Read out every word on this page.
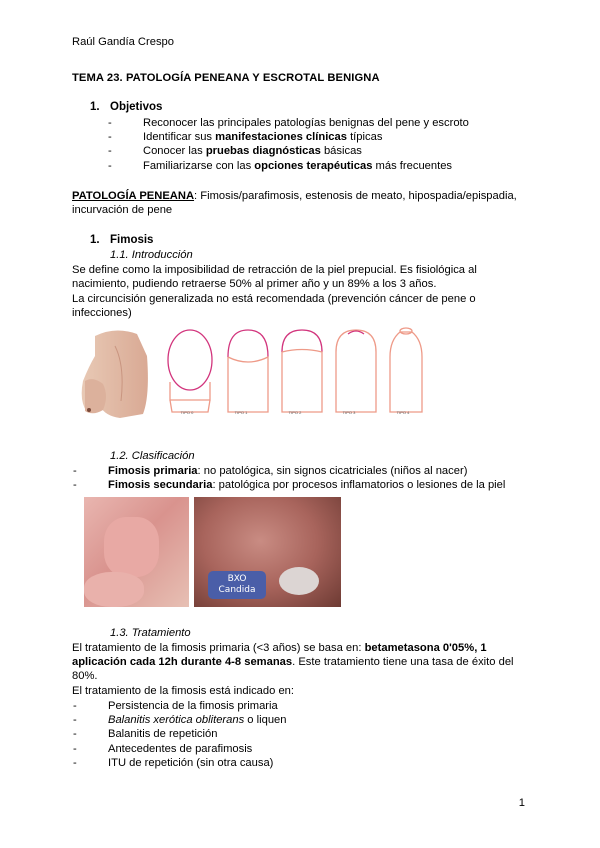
Raúl Gandía Crespo
TEMA 23. PATOLOGÍA PENEANA Y ESCROTAL BENIGNA
1. Objetivos
-	Reconocer las principales patologías benignas del pene y escroto
-	Identificar sus manifestaciones clínicas típicas
-	Conocer las pruebas diagnósticas básicas
-	Familiarizarse con las opciones terapéuticas más frecuentes

PATOLOGÍA PENEANA: Fimosis/parafimosis, estenosis de meato, hipospadia/epispadia, incurvación de pene

1. Fimosis
1.1. Introducción

Se define como la imposibilidad de retracción de la piel prepucial. Es fisiológica al nacimiento, pudiendo retraerse 50% al primer año y un 89% a los 3 años.

La circuncisión generalizada no está recomendada (prevención cáncer de pene o infecciones)

TIPO 0	TIPO 1	TIPO 2	TIPO 3	TIPO 4
1.2. Clasificación
-	Fimosis primaria: no patológica, sin signos cicatriciales (niños al nacer)
-	Fimosis secundaria: patológica por procesos inflamatorios o lesiones de la piel
BXO
Candida
1.3. Tratamiento

El tratamiento de la fimosis primaria (<3 años) se basa en: betametasona 0'05%, 1 aplicación cada 12h durante 4-8 semanas. Este tratamiento tiene una tasa de éxito del 80%.

El tratamiento de la fimosis está indicado en:

-	Persistencia de la fimosis primaria
-	Balanitis xerótica obliterans o liquen
-	Balanitis de repetición
-	Antecedentes de parafimosis
-	ITU de repetición (sin otra causa)
1
